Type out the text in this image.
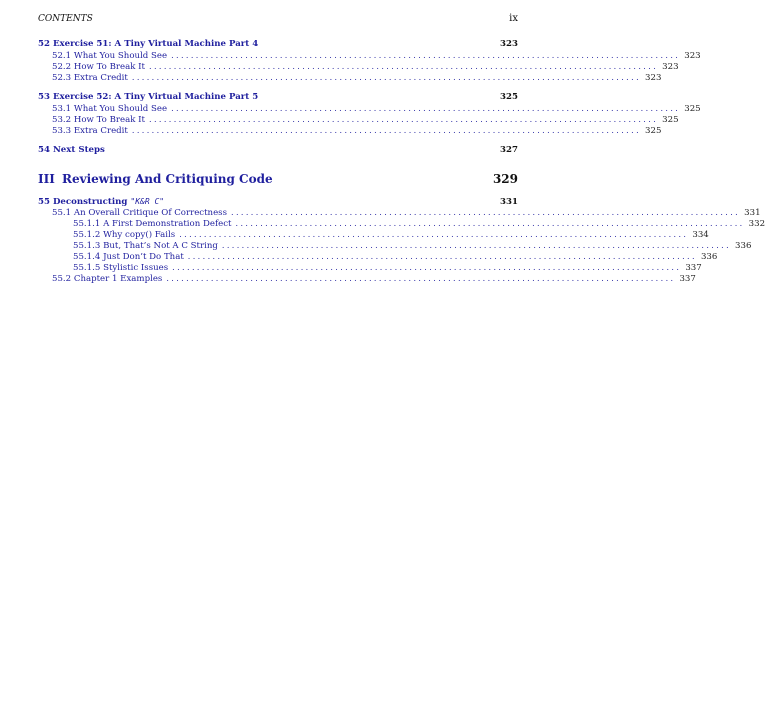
CONTENTS	ix
52 Exercise 51: A Tiny Virtual Machine Part 4	323
52.1 What You Should See ....................................................................................................... 323
52.2 How To Break It ....................................................................................................... 323
52.3 Extra Credit ....................................................................................................... 323
53 Exercise 52: A Tiny Virtual Machine Part 5	325
53.1 What You Should See ....................................................................................................... 325
53.2 How To Break It ....................................................................................................... 325
53.3 Extra Credit ....................................................................................................... 325
54 Next Steps	327
III Reviewing And Critiquing Code	329
55 Deconstructing "K&R C"	331
55.1 An Overall Critique Of Correctness ....................................................................................................... 331
55.1.1 A First Demonstration Defect ....................................................................................................... 332
55.1.2 Why copy() Fails ....................................................................................................... 334
55.1.3 But, That’s Not A C String ....................................................................................................... 336
55.1.4 Just Don’t Do That ....................................................................................................... 336
55.1.5 Stylistic Issues ....................................................................................................... 337
55.2 Chapter 1 Examples ....................................................................................................... 337
